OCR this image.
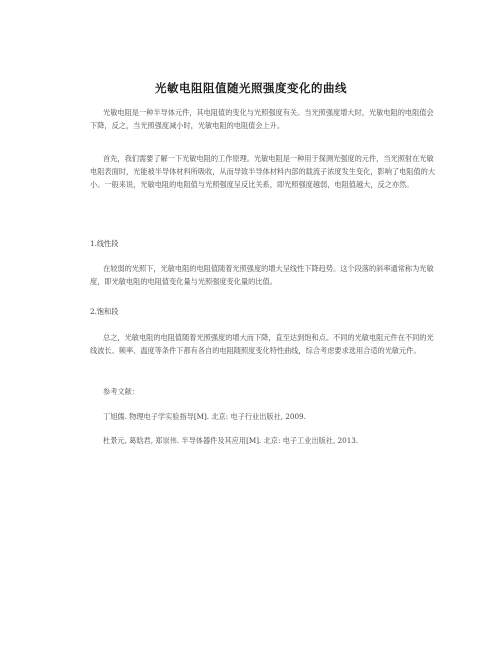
光敏电阻阻值随光照强度变化的曲线
光敏电阻是一种半导体元件，其电阻值的变化与光照强度有关。当光照强度增大时，光敏电阻的电阻值会下降，反之，当光照强度减小时，光敏电阻的电阻值会上升。
首先，我们需要了解一下光敏电阻的工作原理。光敏电阻是一种用于探测光强度的元件，当光照射在光敏电阻表面时，光能被半导体材料所吸收，从而导致半导体材料内部的载流子浓度发生变化，影响了电阻值的大小。一般来说，光敏电阻的电阻值与光照强度呈反比关系，即光照强度越弱，电阻值越大，反之亦然。
1.线性段
在较弱的光照下，光敏电阻的电阻值随着光照强度的增大呈线性下降趋势。这个段落的斜率通常称为光敏度，即光敏电阻的电阻值变化量与光照强度变化量的比值。
2.饱和段
总之，光敏电阻的电阻值随着光照强度的增大而下降，直至达到饱和点。不同的光敏电阻元件在不同的光线波长、频率、温度等条件下都有各自的电阻随照度变化特性曲线，综合考虑要求选用合适的光敏元件。
参考文献：
丁旭儒. 物理电子学实验指导[M]. 北京: 电子行业出版社, 2009.
杜景元, 葛晗君, 郑崇伟. 半导体器件及其应用[M]. 北京: 电子工业出版社, 2013.
